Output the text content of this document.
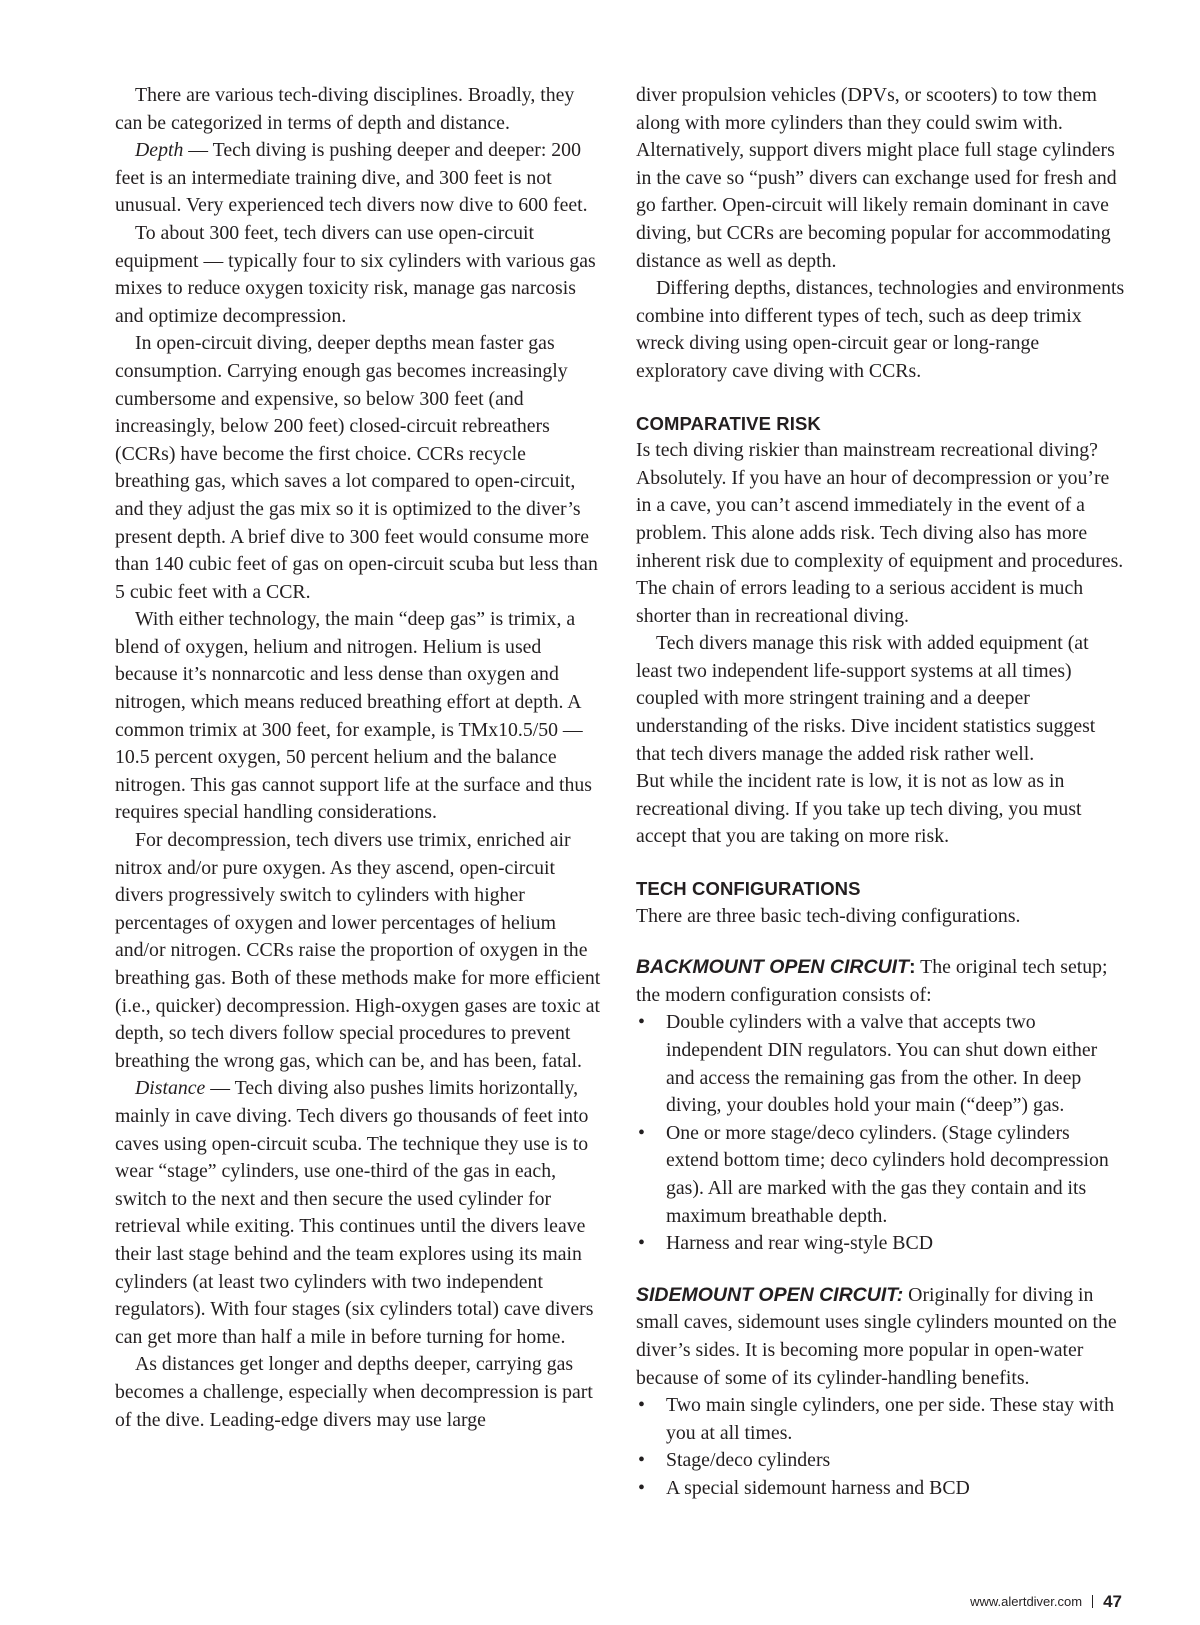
There are various tech-diving disciplines. Broadly, they can be categorized in terms of depth and distance.

Depth — Tech diving is pushing deeper and deeper: 200 feet is an intermediate training dive, and 300 feet is not unusual. Very experienced tech divers now dive to 600 feet.

To about 300 feet, tech divers can use open-circuit equipment — typically four to six cylinders with various gas mixes to reduce oxygen toxicity risk, manage gas narcosis and optimize decompression.

In open-circuit diving, deeper depths mean faster gas consumption. Carrying enough gas becomes increasingly cumbersome and expensive, so below 300 feet (and increasingly, below 200 feet) closed-circuit rebreathers (CCRs) have become the first choice. CCRs recycle breathing gas, which saves a lot compared to open-circuit, and they adjust the gas mix so it is optimized to the diver’s present depth. A brief dive to 300 feet would consume more than 140 cubic feet of gas on open-circuit scuba but less than 5 cubic feet with a CCR.

With either technology, the main “deep gas” is trimix, a blend of oxygen, helium and nitrogen. Helium is used because it’s nonnarcotic and less dense than oxygen and nitrogen, which means reduced breathing effort at depth. A common trimix at 300 feet, for example, is TMx10.5/50 — 10.5 percent oxygen, 50 percent helium and the balance nitrogen. This gas cannot support life at the surface and thus requires special handling considerations.

For decompression, tech divers use trimix, enriched air nitrox and/or pure oxygen. As they ascend, open-circuit divers progressively switch to cylinders with higher percentages of oxygen and lower percentages of helium and/or nitrogen. CCRs raise the proportion of oxygen in the breathing gas. Both of these methods make for more efficient (i.e., quicker) decompression. High-oxygen gases are toxic at depth, so tech divers follow special procedures to prevent breathing the wrong gas, which can be, and has been, fatal.

Distance — Tech diving also pushes limits horizontally, mainly in cave diving. Tech divers go thousands of feet into caves using open-circuit scuba. The technique they use is to wear “stage” cylinders, use one-third of the gas in each, switch to the next and then secure the used cylinder for retrieval while exiting. This continues until the divers leave their last stage behind and the team explores using its main cylinders (at least two cylinders with two independent regulators). With four stages (six cylinders total) cave divers can get more than half a mile in before turning for home.

As distances get longer and depths deeper, carrying gas becomes a challenge, especially when decompression is part of the dive. Leading-edge divers may use large

diver propulsion vehicles (DPVs, or scooters) to tow them along with more cylinders than they could swim with. Alternatively, support divers might place full stage cylinders in the cave so “push” divers can exchange used for fresh and go farther. Open-circuit will likely remain dominant in cave diving, but CCRs are becoming popular for accommodating distance as well as depth.

Differing depths, distances, technologies and environments combine into different types of tech, such as deep trimix wreck diving using open-circuit gear or long-range exploratory cave diving with CCRs.

COMPARATIVE RISK

Is tech diving riskier than mainstream recreational diving? Absolutely. If you have an hour of decompression or you’re in a cave, you can’t ascend immediately in the event of a problem. This alone adds risk. Tech diving also has more inherent risk due to complexity of equipment and procedures. The chain of errors leading to a serious accident is much shorter than in recreational diving.

Tech divers manage this risk with added equipment (at least two independent life-support systems at all times) coupled with more stringent training and a deeper understanding of the risks. Dive incident statistics suggest that tech divers manage the added risk rather well.

But while the incident rate is low, it is not as low as in recreational diving. If you take up tech diving, you must accept that you are taking on more risk.

TECH CONFIGURATIONS

There are three basic tech-diving configurations.

BACKMOUNT OPEN CIRCUIT: The original tech setup; the modern configuration consists of:

• Double cylinders with a valve that accepts two independent DIN regulators. You can shut down either and access the remaining gas from the other. In deep diving, your doubles hold your main (“deep”) gas.
• One or more stage/deco cylinders. (Stage cylinders extend bottom time; deco cylinders hold decompression gas). All are marked with the gas they contain and its maximum breathable depth.
• Harness and rear wing-style BCD

SIDEMOUNT OPEN CIRCUIT: Originally for diving in small caves, sidemount uses single cylinders mounted on the diver’s sides. It is becoming more popular in open-water because of some of its cylinder-handling benefits.

• Two main single cylinders, one per side. These stay with you at all times.
• Stage/deco cylinders
• A special sidemount harness and BCD
www.alertdiver.com 47
